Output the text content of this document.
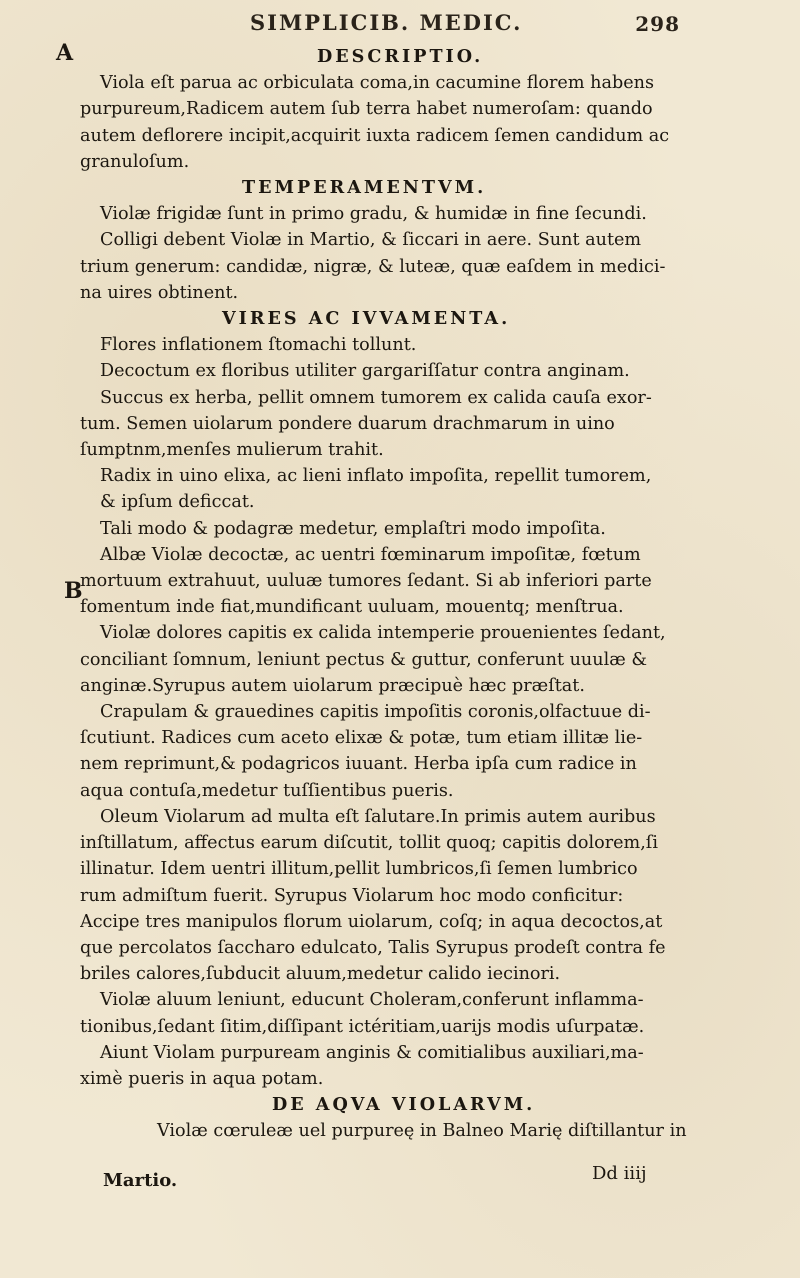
SIMPLICIB. MEDIC.	298
A
B
DESCRIPTIO.
Viola eſt parua ac orbiculata coma,in cacumine florem habens
purpureum,Radicem autem ſub terra habet numeroſam: quando
autem deflorere incipit,acquirit iuxta radicem ſemen candidum ac
granuloſum.
TEMPERAMENTVM.
Violæ frigidæ ſunt in primo gradu, & humidæ in fine ſecundi.
Colligi debent Violæ in Martio, & ſiccari in aere. Sunt autem
trium generum: candidæ, nigræ, & luteæ, quæ eaſdem in medici-
na uires obtinent.
VIRES AC IVVAMENTA.
Flores inflationem ſtomachi tollunt.
Decoctum ex floribus utiliter gargariſſatur contra anginam.
Succus ex herba, pellit omnem tumorem ex calida cauſa exor-
tum. Semen uiolarum pondere duarum drachmarum in uino
ſumptnm,menſes mulierum trahit.
Radix in uino elixa, ac lieni inflato impoſita, repellit tumorem,
& ipſum deficcat.
Tali modo & podagræ medetur, emplaſtri modo impoſita.
Albæ Violæ decoctæ, ac uentri fœminarum impoſitæ, fœtum
mortuum extrahuut, uuluæ tumores ſedant. Si ab inferiori parte
fomentum inde fiat,mundificant uuluam, mouentq; menſtrua.
Violæ dolores capitis ex calida intemperie prouenientes ſedant,
conciliant ſomnum, leniunt pectus & guttur, conferunt uuulæ &
anginæ.Syrupus autem uiolarum præcipuè hæc præſtat.
Crapulam & grauedines capitis impoſitis coronis,olfactuue di-
ſcutiunt. Radices cum aceto elixæ & potæ, tum etiam illitæ lie-
nem reprimunt,& podagricos iuuant. Herba ipſa cum radice in
aqua contuſa,medetur tuſſientibus pueris.
Oleum Violarum ad multa eſt ſalutare.In primis autem auribus
inſtillatum, affectus earum diſcutit, tollit quoq; capitis dolorem,ſi
illinatur. Idem uentri illitum,pellit lumbricos,ſi ſemen lumbrico
rum admiſtum fuerit. Syrupus Violarum hoc modo conficitur:
Accipe tres manipulos florum uiolarum, coſq; in aqua decoctos,at
que percolatos ſaccharo edulcato, Talis Syrupus prodeſt contra fe
briles calores,ſubducit aluum,medetur calido iecinori.
Violæ aluum leniunt, educunt Choleram,conferunt inflamma-
tionibus,ſedant ſitim,diſſipant ictéritiam,uarijs modis uſurpatæ.
Aiunt Violam purpuream anginis & comitialibus auxiliari,ma-
ximè pueris in aqua potam.
DE AQVA VIOLARVM.
Violæ cœruleæ uel purpureę in Balneo Marię diſtillantur in
Martio.	Dd iiij
